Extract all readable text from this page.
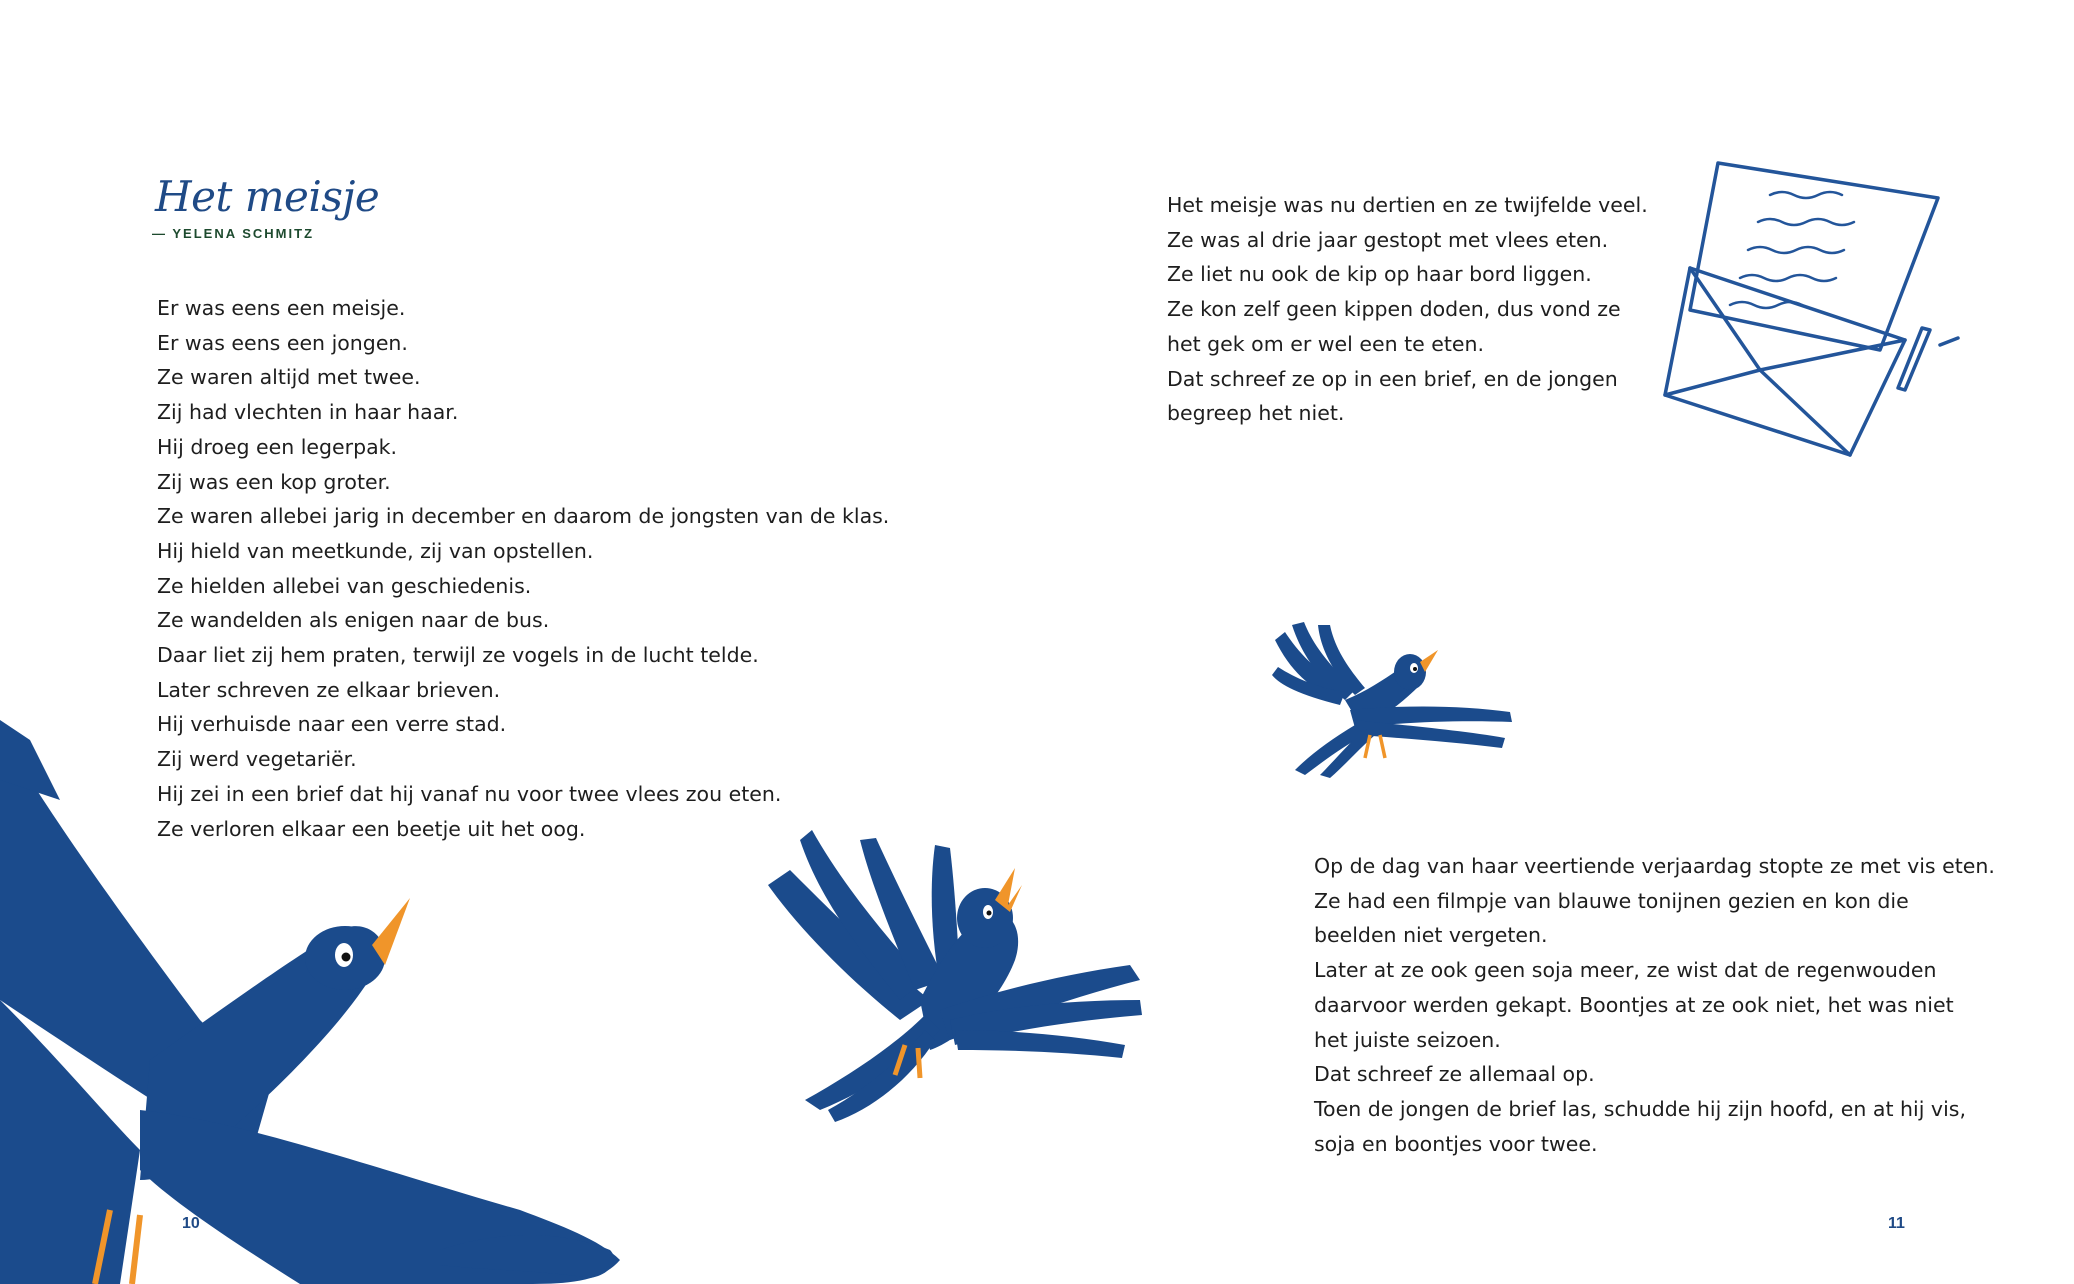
Het meisje
— YELENA SCHMITZ
Er was eens een meisje.
Er was eens een jongen.
Ze waren altijd met twee.
Zij had vlechten in haar haar.
Hij droeg een legerpak.
Zij was een kop groter.
Ze waren allebei jarig in december en daarom de jongsten van de klas.
Hij hield van meetkunde, zij van opstellen.
Ze hielden allebei van geschiedenis.
Ze wandelden als enigen naar de bus.
Daar liet zij hem praten, terwijl ze vogels in de lucht telde.
Later schreven ze elkaar brieven.
Hij verhuisde naar een verre stad.
Zij werd vegetariër.
Hij zei in een brief dat hij vanaf nu voor twee vlees zou eten.
Ze verloren elkaar een beetje uit het oog.
Het meisje was nu dertien en ze twijfelde veel.
Ze was al drie jaar gestopt met vlees eten.
Ze liet nu ook de kip op haar bord liggen.
Ze kon zelf geen kippen doden, dus vond ze
het gek om er wel een te eten.
Dat schreef ze op in een brief, en de jongen
begreep het niet.
Op de dag van haar veertiende verjaardag stopte ze met vis eten.
Ze had een filmpje van blauwe tonijnen gezien en kon die
beelden niet vergeten.
Later at ze ook geen soja meer, ze wist dat de regenwouden
daarvoor werden gekapt. Boontjes at ze ook niet, het was niet
het juiste seizoen.
Dat schreef ze allemaal op.
Toen de jongen de brief las, schudde hij zijn hoofd, en at hij vis,
soja en boontjes voor twee.
10	11
